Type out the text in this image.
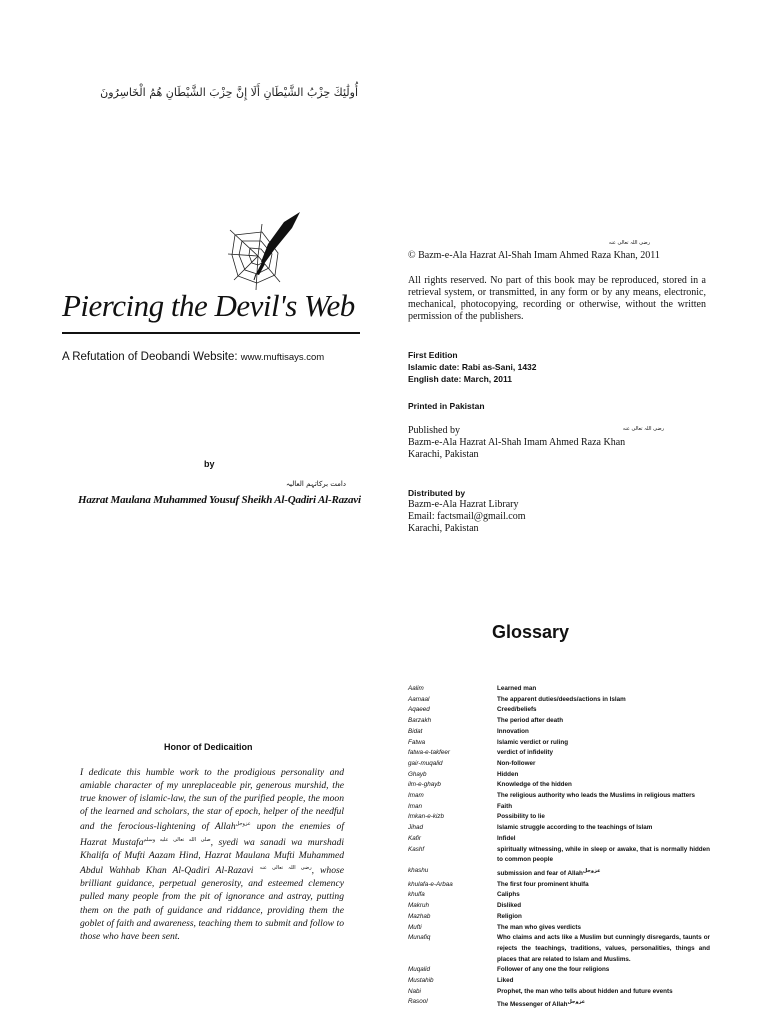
أُولَٰئِكَ حِزْبُ الشَّيْطَانِ أَلَا إِنَّ حِزْبَ الشَّيْطَانِ هُمُ الْخَاسِرُونَ
Piercing the Devil's Web
A Refutation of Deobandi Website: www.muftisays.com
by
دامت برکاتہم العالیہ
Hazrat Maulana Muhammed Yousuf Sheikh Al-Qadiri Al-Razavi
Honor of Dedicaition
I dedicate this humble work to the prodigious personality and amiable character of my unreplaceable pir, generous murshid, the true knower of islamic-law, the sun of the purified people, the moon of the learned and scholars, the star of epoch, helper of the needful and the ferocious-lightening of Allah$^{عزوجل}$ upon the enemies of Hazrat Mustafa$^{صلى الله تعالى عليه وسلم}$, syedi wa sanadi wa murshadi Khalifa of Mufti Aazam Hind, Hazrat Maulana Mufti Muhammed Abdul Wahhab Khan Al-Qadiri Al-Razavi $^{رضی اللہ تعالی عنہ}$, whose brilliant guidance, perpetual generosity, and esteemed clemency pulled many people from the pit of ignorance and astray, putting them on the path of guidance and riddance, providing them the goblet of faith and awareness, teaching them to submit and follow to those who have been sent.
رضی اللہ تعالی عنہ
© Bazm-e-Ala Hazrat Al-Shah Imam Ahmed Raza Khan, 2011
All rights reserved. No part of this book may be reproduced, stored in a retrieval system, or transmitted, in any form or by any means, electronic, mechanical, photocopying, recording or otherwise, without the written permission of the publishers.
First Edition
Islamic date: Rabi as-Sani, 1432
English date: March, 2011
Printed in Pakistan
رضی اللہ تعالی عنہ
Published by
Bazm-e-Ala Hazrat Al-Shah Imam Ahmed Raza Khan
Karachi, Pakistan
Distributed by
Bazm-e-Ala Hazrat Library
Email: factsmail@gmail.com
Karachi, Pakistan
Glossary
Aalim	Learned man
Aamaal	The apparent duties/deeds/actions in Islam
Aqaeed	Creed/beliefs
Barzakh	The period after death
Bidat	Innovation
Fatwa	Islamic verdict or ruling
fatwa-e-takfeer	verdict of infidelity
gair-muqalid	Non-follower
Ghayb	Hidden
ilm-e-ghayb	Knowledge of the hidden
Imam	The religious authority who leads the Muslims in religious matters
Iman	Faith
Imkan-e-kizb	Possibility to lie
Jihad	Islamic struggle according to the teachings of Islam
Kafir	Infidel
Kashf	spiritually witnessing, while in sleep or awake, that is normally hidden to common people
khashu	submission and fear of Allah$^{عزوجل}$
khulafa-e-Arbaa	The first four prominent khulfa
khulfa	Caliphs
Makruh	Disliked
Mazhab	Religion
Mufti	The man who gives verdicts
Munafiq	Who claims and acts like a Muslim but cunningly disregards, taunts or rejects the teachings, traditions, values, personalities, things and places that are related to Islam and Muslims.
Muqalid	Follower of any one the four religions
Mustahib	Liked
Nabi	Prophet, the man who tells about hidden and future events
Rasool	The Messenger of Allah$^{عزوجل}$
